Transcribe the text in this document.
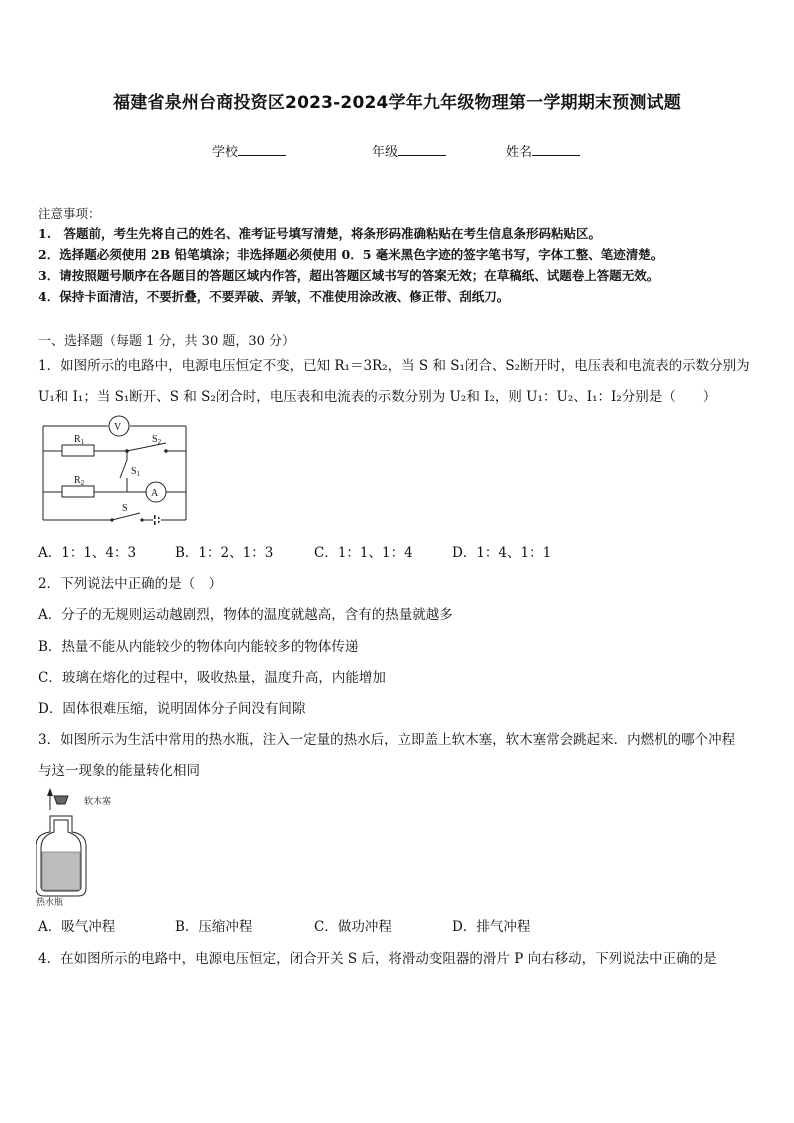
福建省泉州台商投资区2023-2024学年九年级物理第一学期期末预测试题
学校	年级	姓名
注意事项：
1.　答题前，考生先将自己的姓名、准考证号填写清楚，将条形码准确粘贴在考生信息条形码粘贴区。
2．选择题必须使用 2B 铅笔填涂；非选择题必须使用 0．5 毫米黑色字迹的签字笔书写，字体工整、笔迹清楚。
3．请按照题号顺序在各题目的答题区域内作答，超出答题区域书写的答案无效；在草稿纸、试题卷上答题无效。
4．保持卡面清洁，不要折叠，不要弄破、弄皱，不准使用涂改液、修正带、刮纸刀。
一、选择题（每题 1 分，共 30 题，30 分）
1．如图所示的电路中，电源电压恒定不变，已知 R₁＝3R₂，当 S 和 S₁闭合、S₂断开时，电压表和电流表的示数分别为
U₁和 I₁；当 S₁断开、S 和 S₂闭合时，电压表和电流表的示数分别为 U₂和 I₂，则 U₁：U₂、I₁：I₂分别是（　　）
V
A
$R_1$
$R_2$
$S_2$
$S_1$
S
A．1：1、4：3	B．1：2、1：3	C．1：1、1：4	D．1：4、1：1
2．下列说法中正确的是（　）
A．分子的无规则运动越剧烈，物体的温度就越高，含有的热量就越多
B．热量不能从内能较少的物体向内能较多的物体传递
C．玻璃在熔化的过程中，吸收热量，温度升高，内能增加
D．固体很难压缩，说明固体分子间没有间隙
3．如图所示为生活中常用的热水瓶，注入一定量的热水后，立即盖上软木塞，软木塞常会跳起来．内燃机的哪个冲程
与这一现象的能量转化相同
软木塞
热水瓶
A．吸气冲程	B．压缩冲程	C．做功冲程	D．排气冲程
4．在如图所示的电路中，电源电压恒定，闭合开关 S 后，将滑动变阻器的滑片 P 向右移动，下列说法中正确的是
